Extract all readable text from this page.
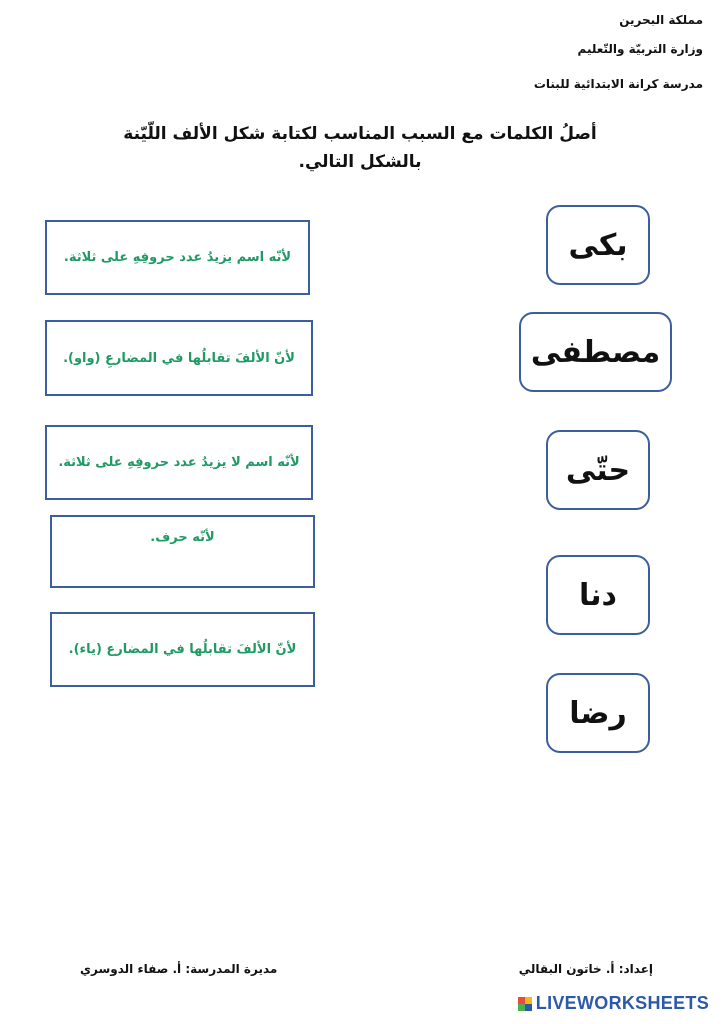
مملكة البحرين
وزارة التربيّة والتّعليم
مدرسة كرانة الابتدائية للبنات
أصلُ الكلمات مع السبب المناسب لكتابة شكل الألف اللّيّنة بالشكل التالي.
لأنّه اسم يزيدُ عدد حروفِهِ على ثلاثة.
لأنّ الألفَ تقابلُها في المضارعِ (واو).
لأنّه اسم لا يزيدُ عدد حروفِهِ على ثلاثة.
لأنّه حرف.
لأنّ الألفَ تقابلُها في المضارع (ياء).
بكى
مصطفى
حتّى
دنا
رضا
إعداد: أ. خاتون البقالي
مديرة المدرسة: أ. صفاء الدوسري
LIVEWORKSHEETS
